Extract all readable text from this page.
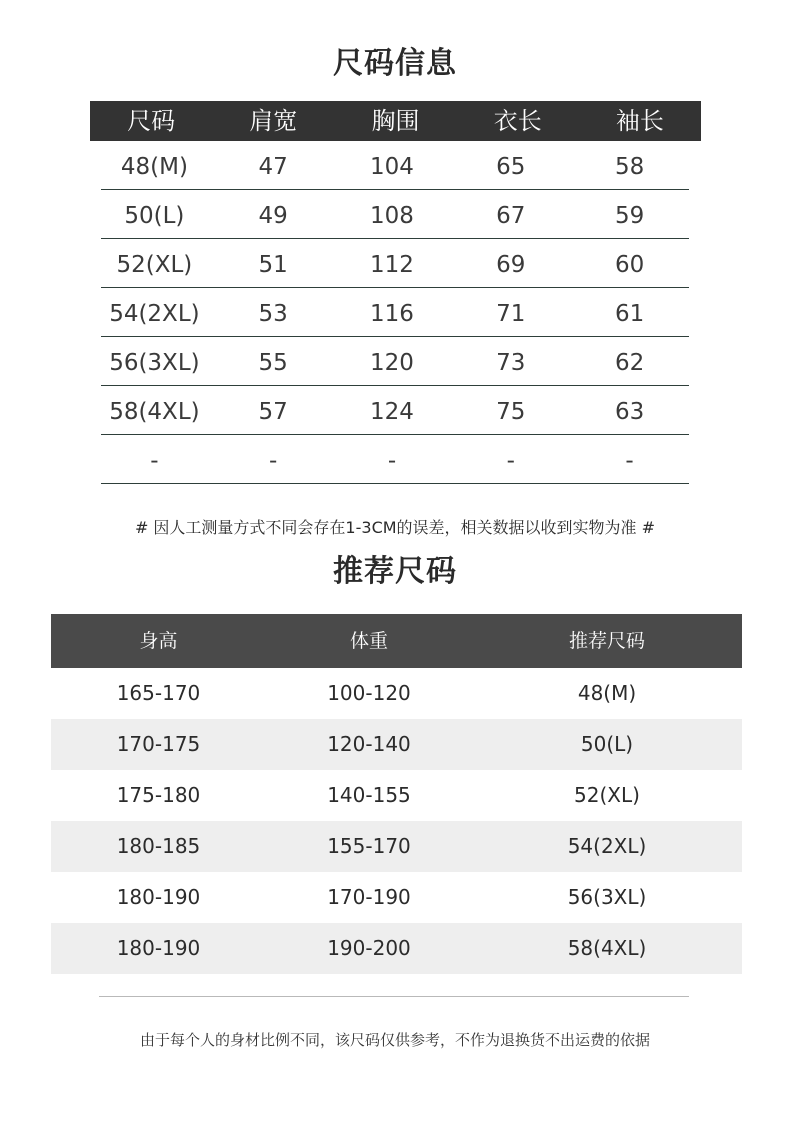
尺码信息
尺码	肩宽	胸围	衣长	袖长
48(M)	47	104	65	58
50(L)	49	108	67	59
52(XL)	51	112	69	60
54(2XL)	53	116	71	61
56(3XL)	55	120	73	62
58(4XL)	57	124	75	63
-	-	-	-	-
# 因人工测量方式不同会存在1-3CM的误差，相关数据以收到实物为准 #
推荐尺码
身高	体重	推荐尺码
165-170	100-120	48(M)
170-175	120-140	50(L)
175-180	140-155	52(XL)
180-185	155-170	54(2XL)
180-190	170-190	56(3XL)
180-190	190-200	58(4XL)
由于每个人的身材比例不同，该尺码仅供参考，不作为退换货不出运费的依据
